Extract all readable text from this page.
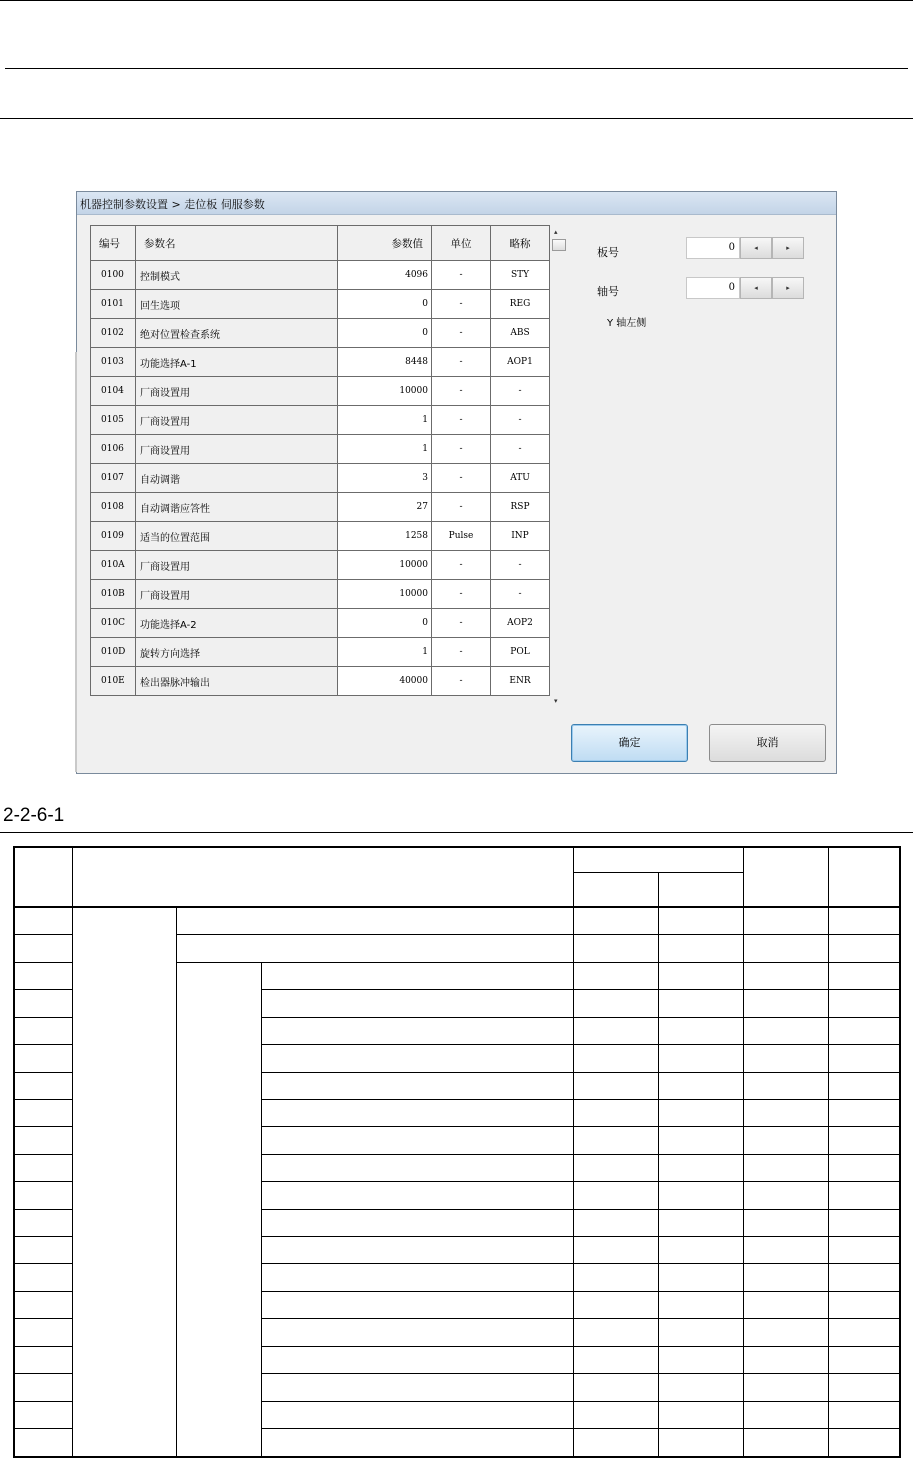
机器控制参数设置 > 走位板 伺服参数
编号	参数名	参数值	单位	略称
0100	控制模式	4096	-	STY
0101	回生选项	0	-	REG
0102	绝对位置检查系统	0	-	ABS
0103	功能选择A-1	8448	-	AOP1
0104	厂商设置用	10000	-	-
0105	厂商设置用	1	-	-
0106	厂商设置用	1	-	-
0107	自动调谐	3	-	ATU
0108	自动调谐应答性	27	-	RSP
0109	适当的位置范围	1258	Pulse	INP
010A	厂商设置用	10000	-	-
010B	厂商设置用	10000	-	-
010C	功能选择A-2	0	-	AOP2
010D	旋转方向选择	1	-	POL
010E	检出器脉冲输出	40000	-	ENR
▴
▾
板号	0	◂	▸
轴号	0	◂	▸
Y 轴左侧
确定	取消
2-2-6-1
